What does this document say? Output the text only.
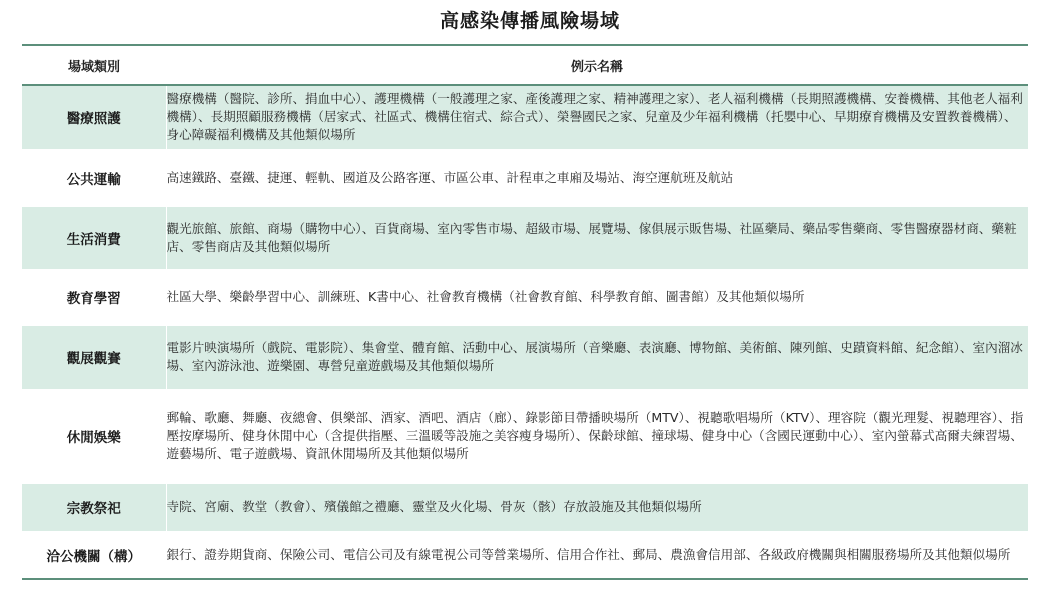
高感染傳播風險場域
場域類別	例示名稱
醫療照護	醫療機構（醫院、診所、捐血中心）、護理機構（一般護理之家、產後護理之家、精神護理之家）、老人福利機構（長期照護機構、安養機構、其他老人福利機構）、長期照顧服務機構（居家式、社區式、機構住宿式、綜合式）、榮譽國民之家、兒童及少年福利機構（托嬰中心、早期療育機構及安置教養機構）、身心障礙福利機構及其他類似場所
公共運輸	高速鐵路、臺鐵、捷運、輕軌、國道及公路客運、市區公車、計程車之車廂及場站、海空運航班及航站
生活消費	觀光旅館、旅館、商場（購物中心）、百貨商場、室內零售市場、超級市場、展覽場、傢俱展示販售場、社區藥局、藥品零售藥商、零售醫療器材商、藥粧店、零售商店及其他類似場所
教育學習	社區大學、樂齡學習中心、訓練班、K書中心、社會教育機構（社會教育館、科學教育館、圖書館）及其他類似場所
觀展觀賽	電影片映演場所（戲院、電影院）、集會堂、體育館、活動中心、展演場所（音樂廳、表演廳、博物館、美術館、陳列館、史蹟資料館、紀念館）、室內溜冰場、室內游泳池、遊樂園、專營兒童遊戲場及其他類似場所
休閒娛樂	郵輪、歌廳、舞廳、夜總會、俱樂部、酒家、酒吧、酒店（廊）、錄影節目帶播映場所（MTV）、視聽歌唱場所（KTV）、理容院（觀光理髮、視聽理容）、指壓按摩場所、健身休閒中心（含提供指壓、三溫暖等設施之美容瘦身場所）、保齡球館、撞球場、健身中心（含國民運動中心）、室內螢幕式高爾夫練習場、遊藝場所、電子遊戲場、資訊休閒場所及其他類似場所
宗教祭祀	寺院、宮廟、教堂（教會）、殯儀館之禮廳、靈堂及火化場、骨灰（骸）存放設施及其他類似場所
洽公機關（構）	銀行、證券期貨商、保險公司、電信公司及有線電視公司等營業場所、信用合作社、郵局、農漁會信用部、各級政府機關與相關服務場所及其他類似場所
